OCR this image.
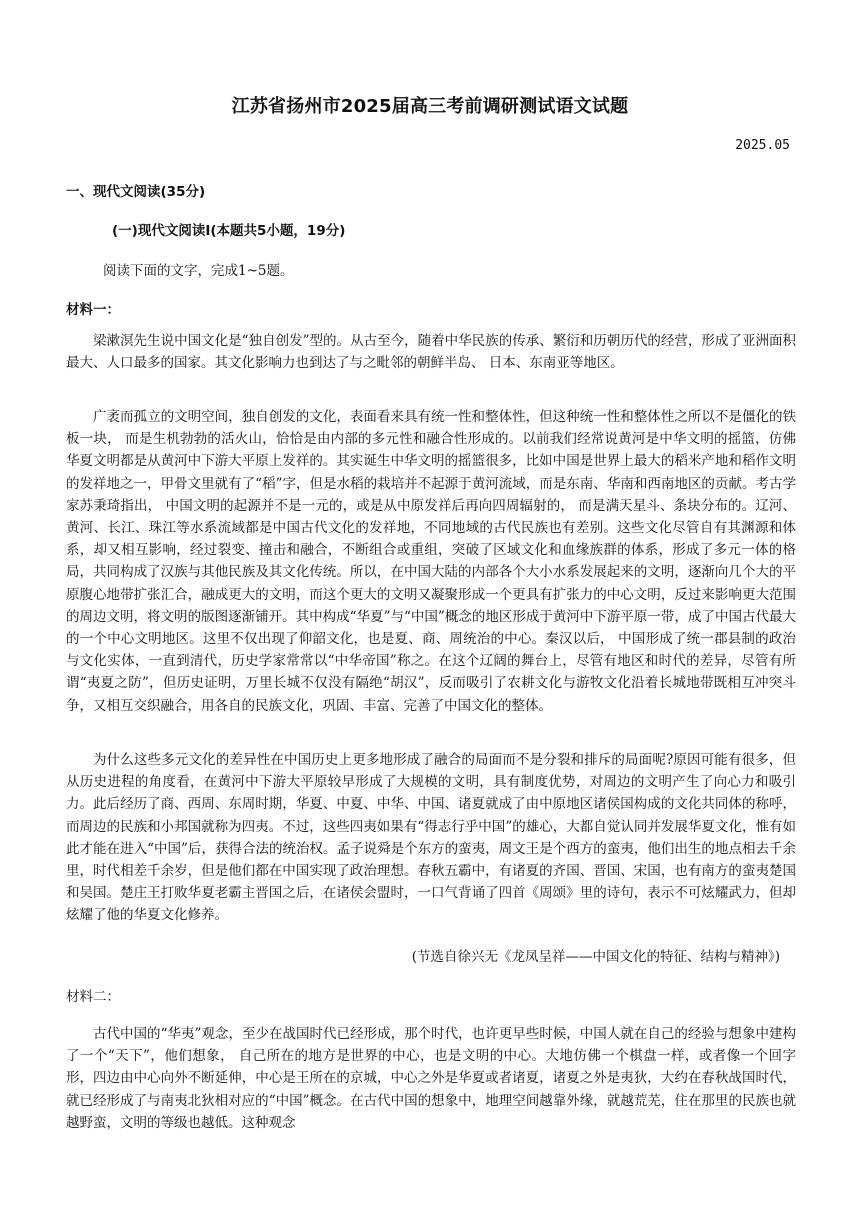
江苏省扬州市2025届高三考前调研测试语文试题
2025.05
一、现代文阅读(35分)
(一)现代文阅读Ⅰ(本题共5小题，19分)
阅读下面的文字，完成1~5题。
材料一：

梁漱溟先生说中国文化是“独自创发”型的。从古至今，随着中华民族的传承、繁衍和历朝历代的经营，形成了亚洲面积最大、人口最多的国家。其文化影响力也到达了与之毗邻的朝鲜半岛、 日本、东南亚等地区。

广袤而孤立的文明空间，独自创发的文化，表面看来具有统一性和整体性，但这种统一性和整体性之所以不是僵化的铁板一块， 而是生机勃勃的活火山，恰恰是由内部的多元性和融合性形成的。以前我们经常说黄河是中华文明的摇篮，仿佛华夏文明都是从黄河中下游大平原上发祥的。其实诞生中华文明的摇篮很多，比如中国是世界上最大的稻米产地和稻作文明的发祥地之一，甲骨文里就有了“稻”字，但是水稻的栽培并不起源于黄河流域，而是东南、华南和西南地区的贡献。考古学家苏秉琦指出， 中国文明的起源并不是一元的，或是从中原发祥后再向四周辐射的， 而是满天星斗、条块分布的。辽河、黄河、长江、珠江等水系流域都是中国古代文化的发祥地，不同地域的古代民族也有差别。这些文化尽管自有其渊源和体系，却又相互影响，经过裂变、撞击和融合，不断组合或重组，突破了区域文化和血缘族群的体系，形成了多元一体的格局，共同构成了汉族与其他民族及其文化传统。所以，在中国大陆的内部各个大小水系发展起来的文明，逐渐向几个大的平原腹心地带扩张汇合，融成更大的文明，而这个更大的文明又凝聚形成一个更具有扩张力的中心文明，反过来影响更大范围的周边文明，将文明的版图逐渐铺开。其中构成“华夏”与“中国”概念的地区形成于黄河中下游平原一带，成了中国古代最大的一个中心文明地区。这里不仅出现了仰韶文化，也是夏、商、周统治的中心。秦汉以后， 中国形成了统一郡县制的政治与文化实体，一直到清代，历史学家常常以“中华帝国”称之。在这个辽阔的舞台上，尽管有地区和时代的差异，尽管有所谓“夷夏之防”，但历史证明，万里长城不仅没有隔绝“胡汉”，反而吸引了农耕文化与游牧文化沿着长城地带既相互冲突斗争，又相互交织融合，用各自的民族文化，巩固、丰富、完善了中国文化的整体。

为什么这些多元文化的差异性在中国历史上更多地形成了融合的局面而不是分裂和排斥的局面呢?原因可能有很多，但从历史进程的角度看，在黄河中下游大平原较早形成了大规模的文明，具有制度优势，对周边的文明产生了向心力和吸引力。此后经历了商、西周、东周时期，华夏、中夏、中华、中国、诸夏就成了由中原地区诸侯国构成的文化共同体的称呼，而周边的民族和小邦国就称为四夷。不过，这些四夷如果有“得志行乎中国”的雄心，大都自觉认同并发展华夏文化，惟有如此才能在进入“中国”后，获得合法的统治权。孟子说舜是个东方的蛮夷，周文王是个西方的蛮夷，他们出生的地点相去千余里，时代相差千余岁，但是他们都在中国实现了政治理想。春秋五霸中，有诸夏的齐国、晋国、宋国，也有南方的蛮夷楚国和吴国。楚庄王打败华夏老霸主晋国之后，在诸侯会盟时，一口气背诵了四首《周颂》里的诗句，表示不可炫耀武力，但却炫耀了他的华夏文化修养。

(节选自徐兴无《龙凤呈祥——中国文化的特征、结构与精神》)
材料二：

古代中国的“华夷”观念，至少在战国时代已经形成，那个时代，也许更早些时候，中国人就在自己的经验与想象中建构了一个“天下”，他们想象， 自己所在的地方是世界的中心，也是文明的中心。大地仿佛一个棋盘一样，或者像一个回字形，四边由中心向外不断延伸，中心是王所在的京城，中心之外是华夏或者诸夏，诸夏之外是夷狄，大约在春秋战国时代，就已经形成了与南夷北狄相对应的“中国”概念。在古代中国的想象中，地理空间越靠外缘，就越荒芜，住在那里的民族也就越野蛮，文明的等级也越低。这种观念
